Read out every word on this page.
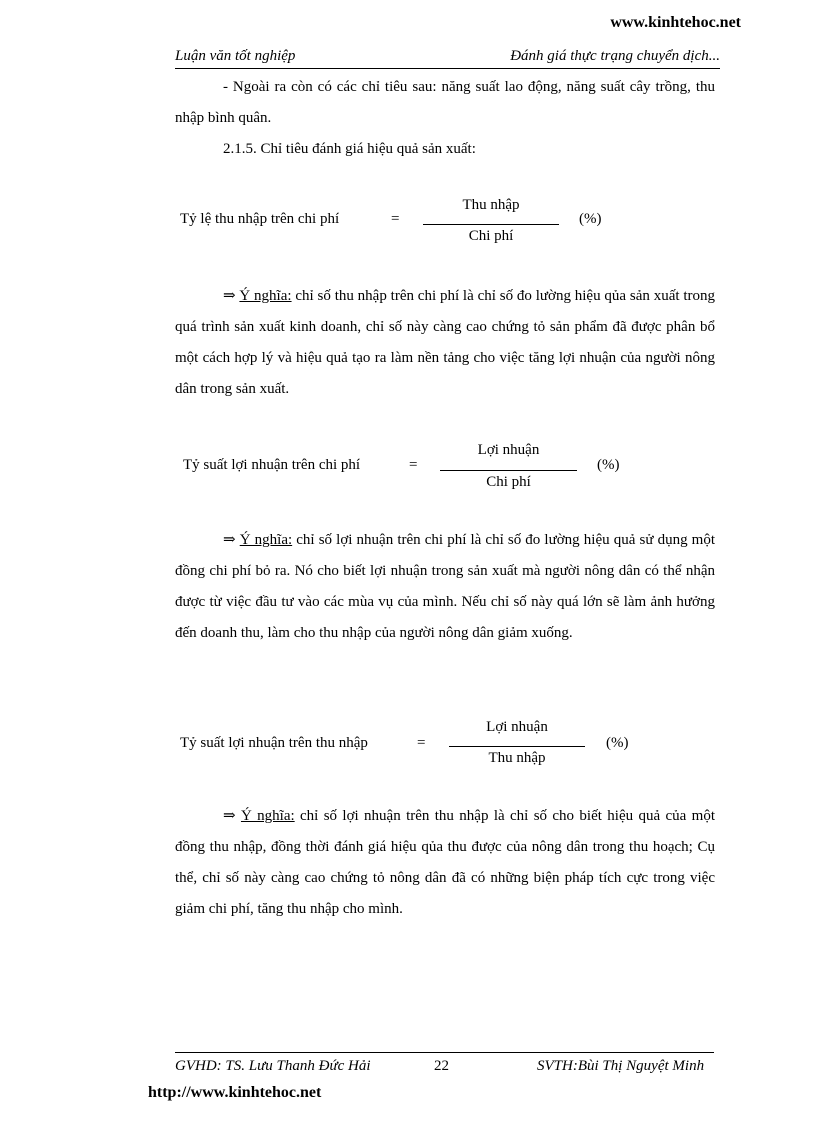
www.kinhtehoc.net
Luận văn tốt nghiệp	Đánh giá thực trạng chuyển dịch...

- Ngoài ra còn có các chỉ tiêu sau: năng suất lao động, năng suất cây trồng, thu nhập bình quân.

2.1.5. Chỉ tiêu đánh giá hiệu quả sản xuất:

Tỷ lệ thu nhập trên chi phí	=
Thu nhập
Chi phí
(%)

⇒ Ý nghĩa: chỉ số thu nhập trên chi phí là chỉ số đo lường hiệu qủa sản xuất trong quá trình sản xuất kinh doanh, chỉ số này càng cao chứng tỏ sản phẩm đã được phân bổ một cách hợp lý và hiệu quả tạo ra làm nền tảng cho việc tăng lợi nhuận của người nông dân trong sản xuất.

Tỷ suất lợi nhuận trên chi phí	=
Lợi nhuận
Chi phí
(%)

⇒ Ý nghĩa: chỉ số lợi nhuận trên chi phí là chỉ số đo lường hiệu quả sử dụng một đồng chi phí bỏ ra. Nó cho biết lợi nhuận trong sản xuất mà người nông dân có thể nhận được từ việc đầu tư vào các mùa vụ của mình. Nếu chỉ số này quá lớn sẽ làm ảnh hưởng đến doanh thu, làm cho thu nhập của người nông dân giảm xuống.

Tỷ suất lợi nhuận trên thu nhập	=
Lợi nhuận
Thu nhập
(%)

⇒ Ý nghĩa: chỉ số lợi nhuận trên thu nhập là chỉ số cho biết hiệu quả của một đồng thu nhập, đồng thời đánh giá hiệu qủa thu được của nông dân trong thu hoạch; Cụ thể, chỉ số này càng cao chứng tỏ nông dân đã có những biện pháp tích cực trong việc giảm chi phí, tăng thu nhập cho mình.

GVHD: TS. Lưu Thanh Đức Hải	22	SVTH:Bùi Thị Nguyệt Minh
http://www.kinhtehoc.net
